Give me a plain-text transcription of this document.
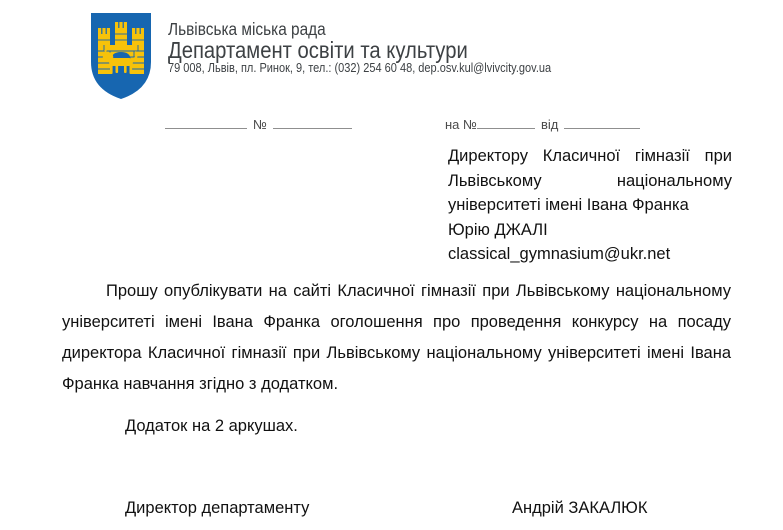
Львівська міська рада
Департамент освіти та культури
79 008, Львів, пл. Ринок, 9, тел.: (032) 254 60 48, dep.osv.kul@lvivcity.gov.ua
№	на №	від
Директору Класичної гімназії при
Львівському національному
університеті імені Івана Франка
Юрію ДЖАЛІ
classical_gymnasium@ukr.net
Прошу опублікувати на сайті Класичної гімназії при Львівському національному
університеті імені Івана Франка оголошення про проведення конкурсу на посаду
директора Класичної гімназії при Львівському національному університеті імені Івана
Франка навчання згідно з додатком.
Додаток на 2 аркушах.
Директор департаменту	Андрій ЗАКАЛЮК
